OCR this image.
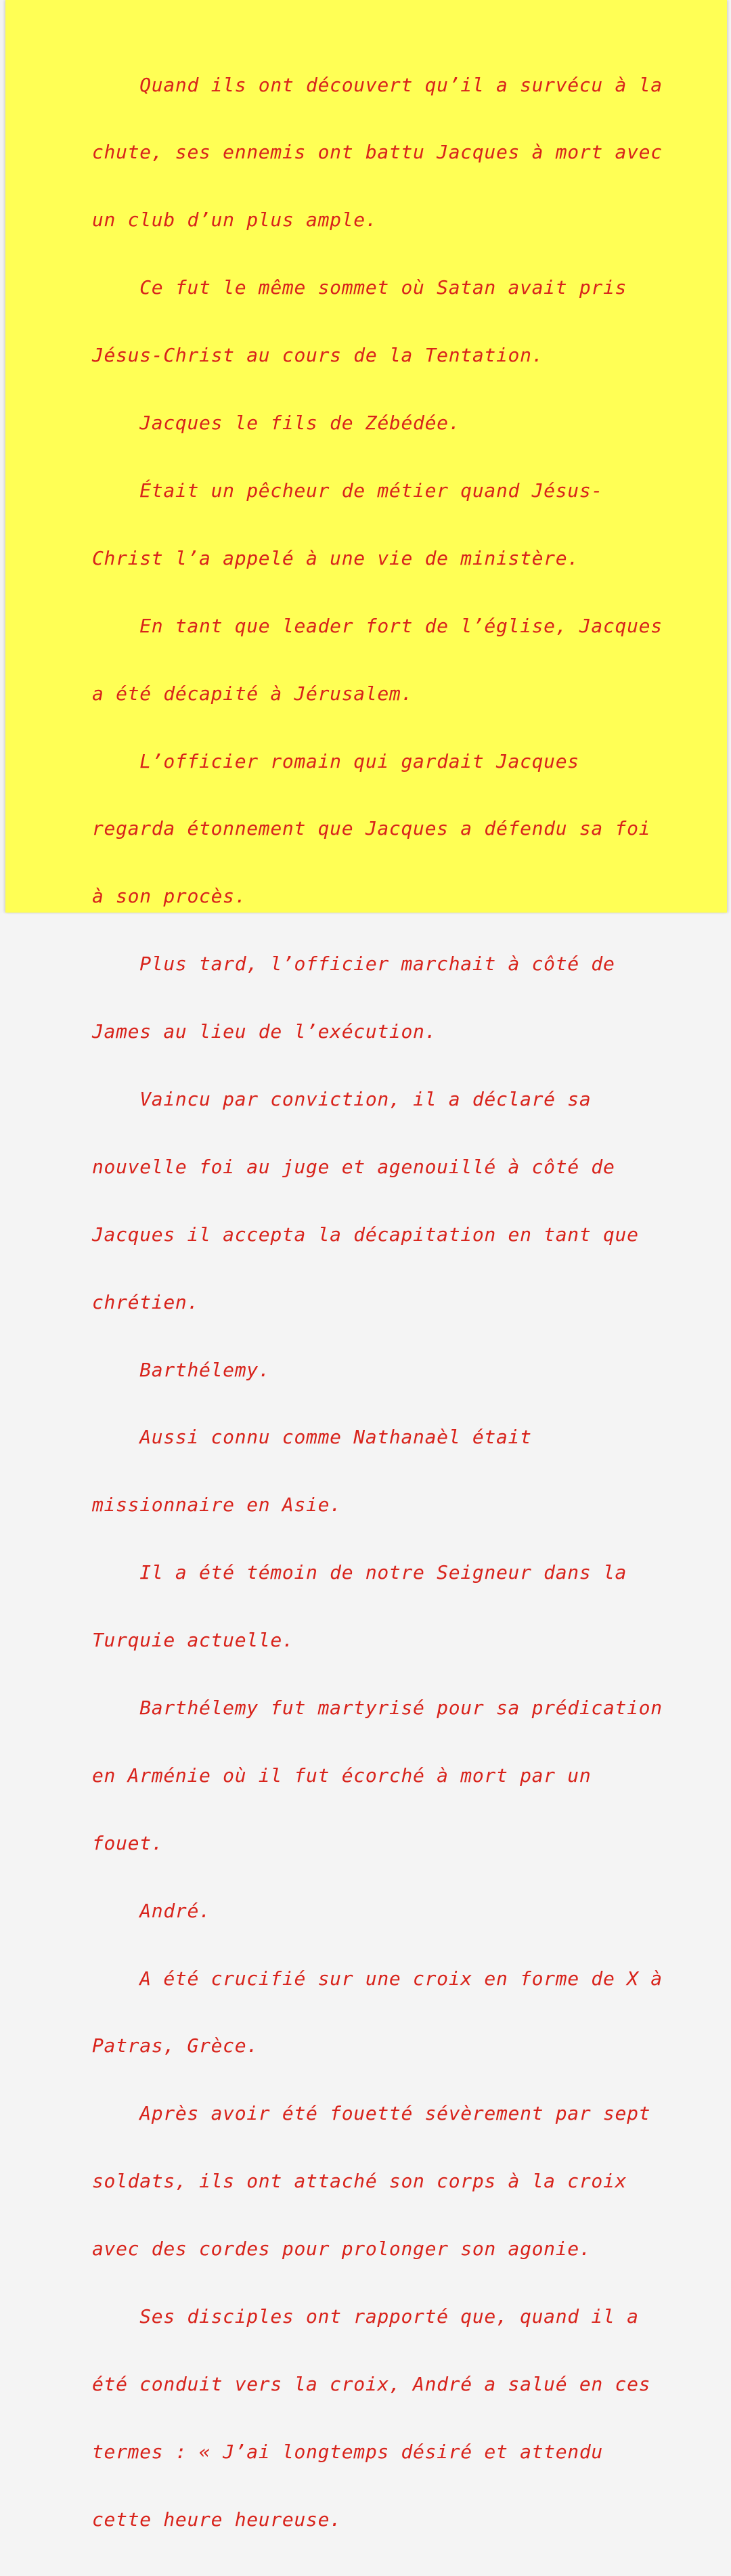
Quand ils ont découvert qu’il a survécu à la

chute, ses ennemis ont battu Jacques à mort avec

un club d’un plus ample.

Ce fut le même sommet où Satan avait pris

Jésus-Christ au cours de la Tentation.

Jacques le fils de Zébédée.

Était un pêcheur de métier quand Jésus-

Christ l’a appelé à une vie de ministère.

En tant que leader fort de l’église, Jacques

a été décapité à Jérusalem.

L’officier romain qui gardait Jacques

regarda étonnement que Jacques a défendu sa foi

à son procès.

Plus tard, l’officier marchait à côté de

James au lieu de l’exécution.

Vaincu par conviction, il a déclaré sa

nouvelle foi au juge et agenouillé à côté de

Jacques il accepta la décapitation en tant que

chrétien.

Barthélemy.

Aussi connu comme Nathanaèl était

missionnaire en Asie.

Il a été témoin de notre Seigneur dans la

Turquie actuelle.

Barthélemy fut martyrisé pour sa prédication

en Arménie où il fut écorché à mort par un

fouet.

André.

A été crucifié sur une croix en forme de X à

Patras, Grèce.

Après avoir été fouetté sévèrement par sept

soldats, ils ont attaché son corps à la croix

avec des cordes pour prolonger son agonie.

Ses disciples ont rapporté que, quand il a

été conduit vers la croix, André a salué en ces

termes : « J’ai longtemps désiré et attendu

cette heure heureuse.
